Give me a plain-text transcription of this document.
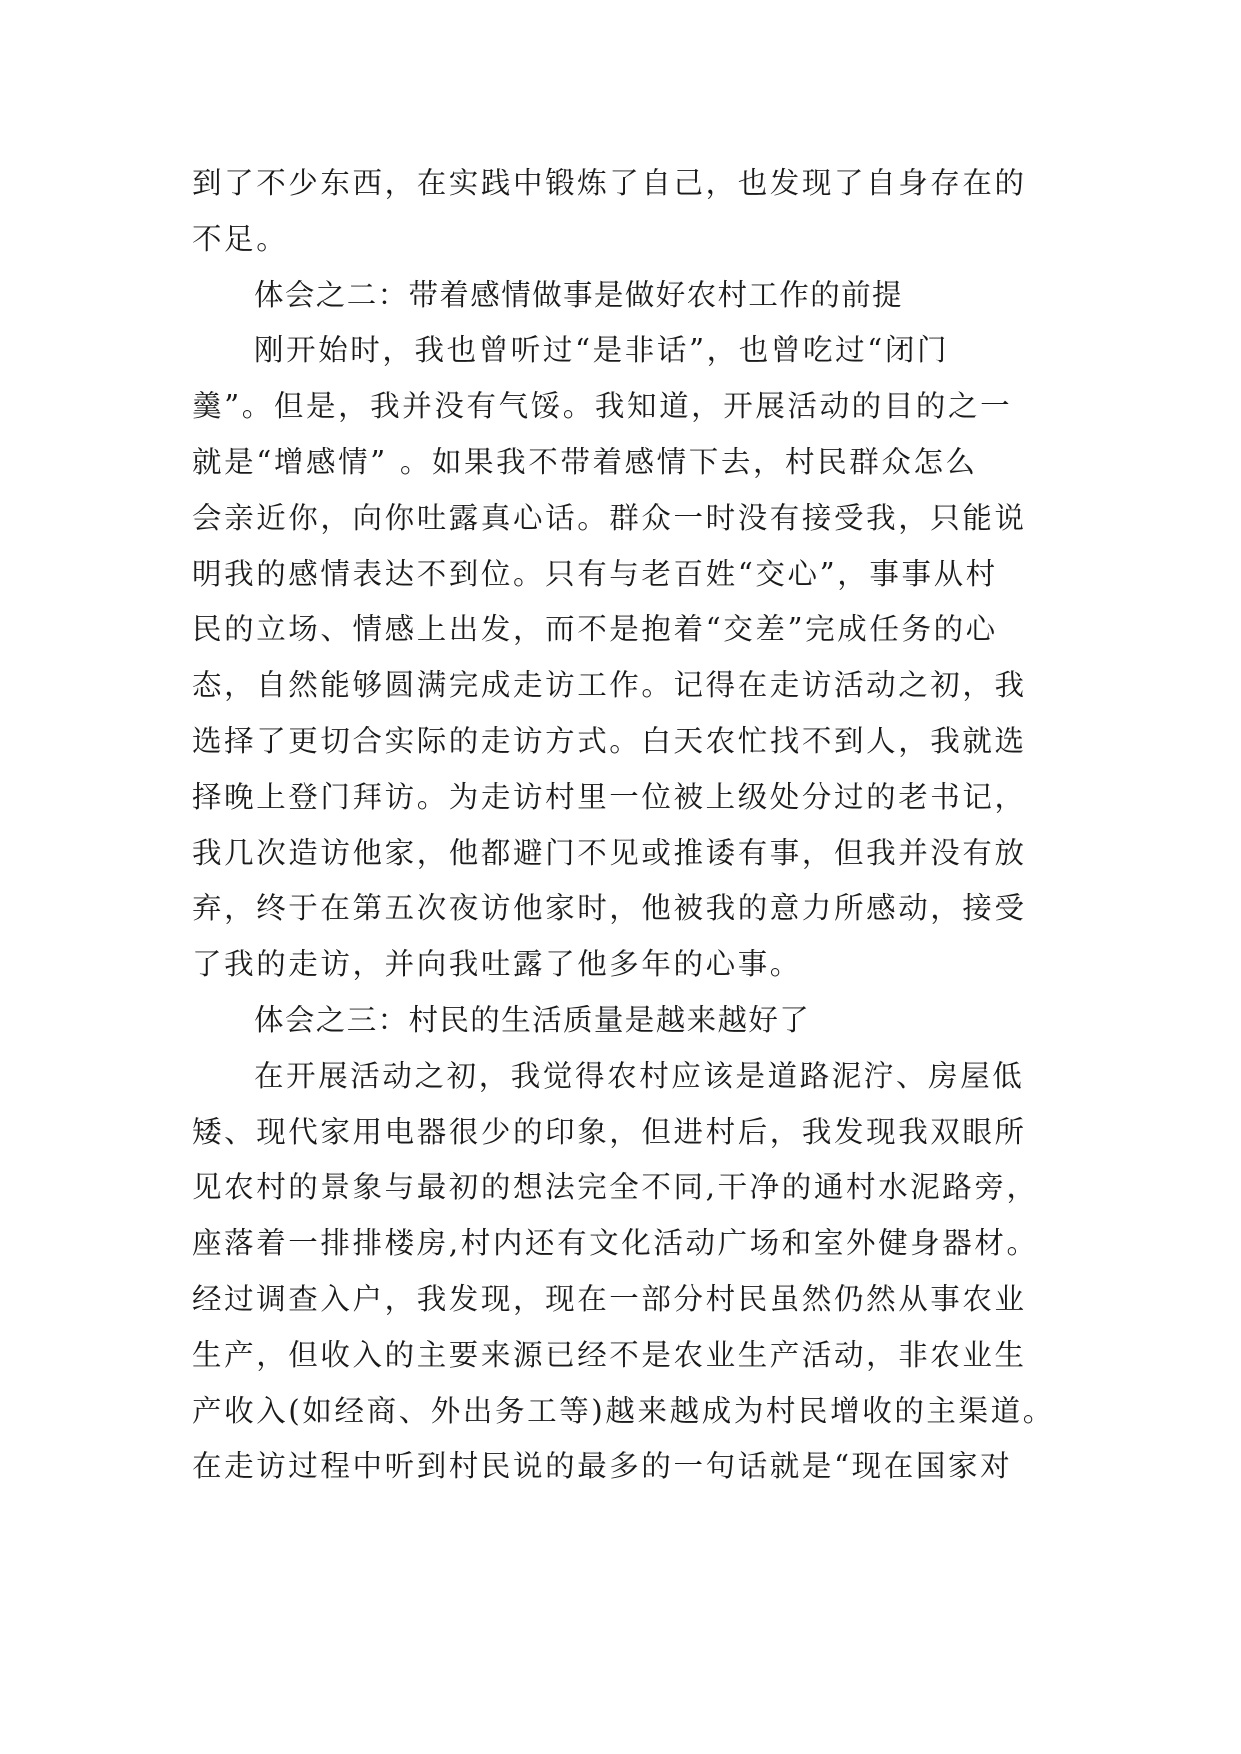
到了不少东西，在实践中锻炼了自己，也发现了自身存在的
不足。
体会之二：带着感情做事是做好农村工作的前提
刚开始时，我也曾听过“是非话”，也曾吃过“闭门
羹”。但是，我并没有气馁。我知道，开展活动的目的之一
就是“增感情” 。如果我不带着感情下去，村民群众怎么
会亲近你，向你吐露真心话。群众一时没有接受我，只能说
明我的感情表达不到位。只有与老百姓“交心”，事事从村
民的立场、情感上出发，而不是抱着“交差”完成任务的心
态，自然能够圆满完成走访工作。记得在走访活动之初，我
选择了更切合实际的走访方式。白天农忙找不到人，我就选
择晚上登门拜访。为走访村里一位被上级处分过的老书记，
我几次造访他家，他都避门不见或推诿有事，但我并没有放
弃，终于在第五次夜访他家时，他被我的意力所感动，接受
了我的走访，并向我吐露了他多年的心事。
体会之三：村民的生活质量是越来越好了
在开展活动之初，我觉得农村应该是道路泥泞、房屋低
矮、现代家用电器很少的印象，但进村后，我发现我双眼所
见农村的景象与最初的想法完全不同,干净的通村水泥路旁，
座落着一排排楼房,村内还有文化活动广场和室外健身器材。
经过调查入户，我发现，现在一部分村民虽然仍然从事农业
生产，但收入的主要来源已经不是农业生产活动，非农业生
产收入(如经商、外出务工等)越来越成为村民增收的主渠道。
在走访过程中听到村民说的最多的一句话就是“现在国家对
